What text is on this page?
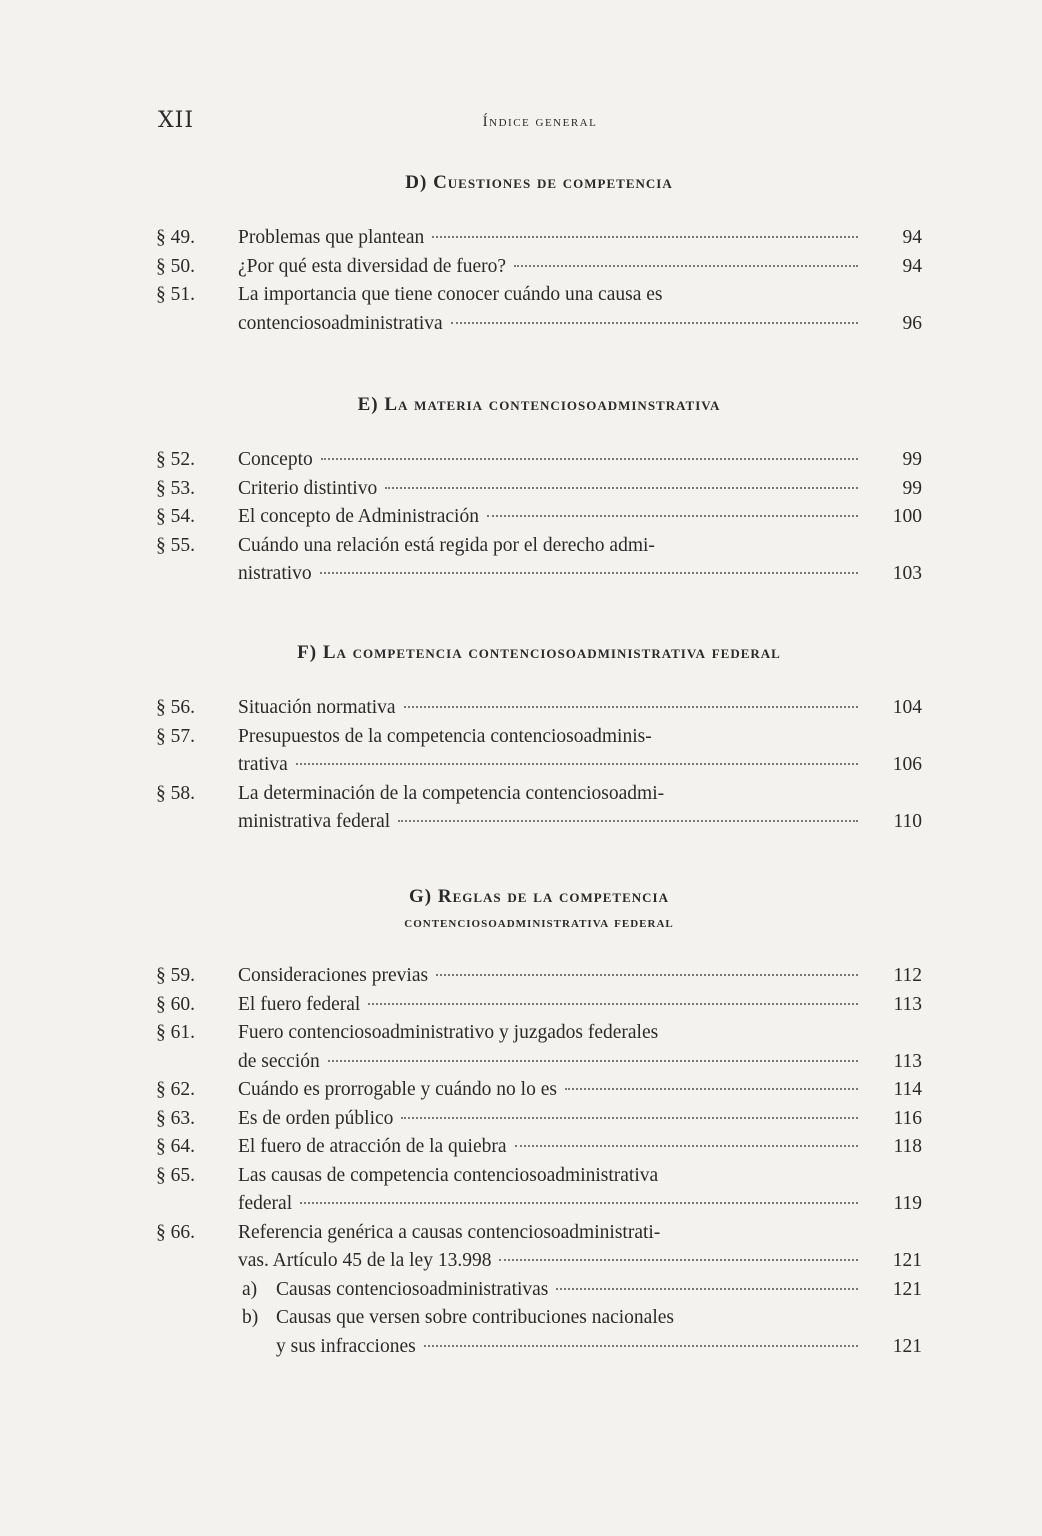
XII	Índice general
D) Cuestiones de competencia
§ 49.	Problemas que plantean	94
§ 50.	¿Por qué esta diversidad de fuero?	94
§ 51.	La importancia que tiene conocer cuándo una causa es
contenciosoadministrativa	96
E) La materia contenciosoadminstrativa
§ 52.	Concepto	99
§ 53.	Criterio distintivo	99
§ 54.	El concepto de Administración	100
§ 55.	Cuándo una relación está regida por el derecho admi-
nistrativo	103
F) La competencia contenciosoadministrativa federal
§ 56.	Situación normativa	104
§ 57.	Presupuestos de la competencia contenciosoadminis-
trativa	106
§ 58.	La determinación de la competencia contenciosoadmi-
ministrativa federal	110
G) Reglas de la competencia
contenciosoadministrativa federal
§ 59.	Consideraciones previas	112
§ 60.	El fuero federal	113
§ 61.	Fuero contenciosoadministrativo y juzgados federales
de sección	113
§ 62.	Cuándo es prorrogable y cuándo no lo es	114
§ 63.	Es de orden público	116
§ 64.	El fuero de atracción de la quiebra	118
§ 65.	Las causas de competencia contenciosoadministrativa
federal	119
§ 66.	Referencia genérica a causas contenciosoadministrati-
vas. Artículo 45 de la ley 13.998	121
a) Causas contenciosoadministrativas	121
b) Causas que versen sobre contribuciones nacionales
y sus infracciones	121
